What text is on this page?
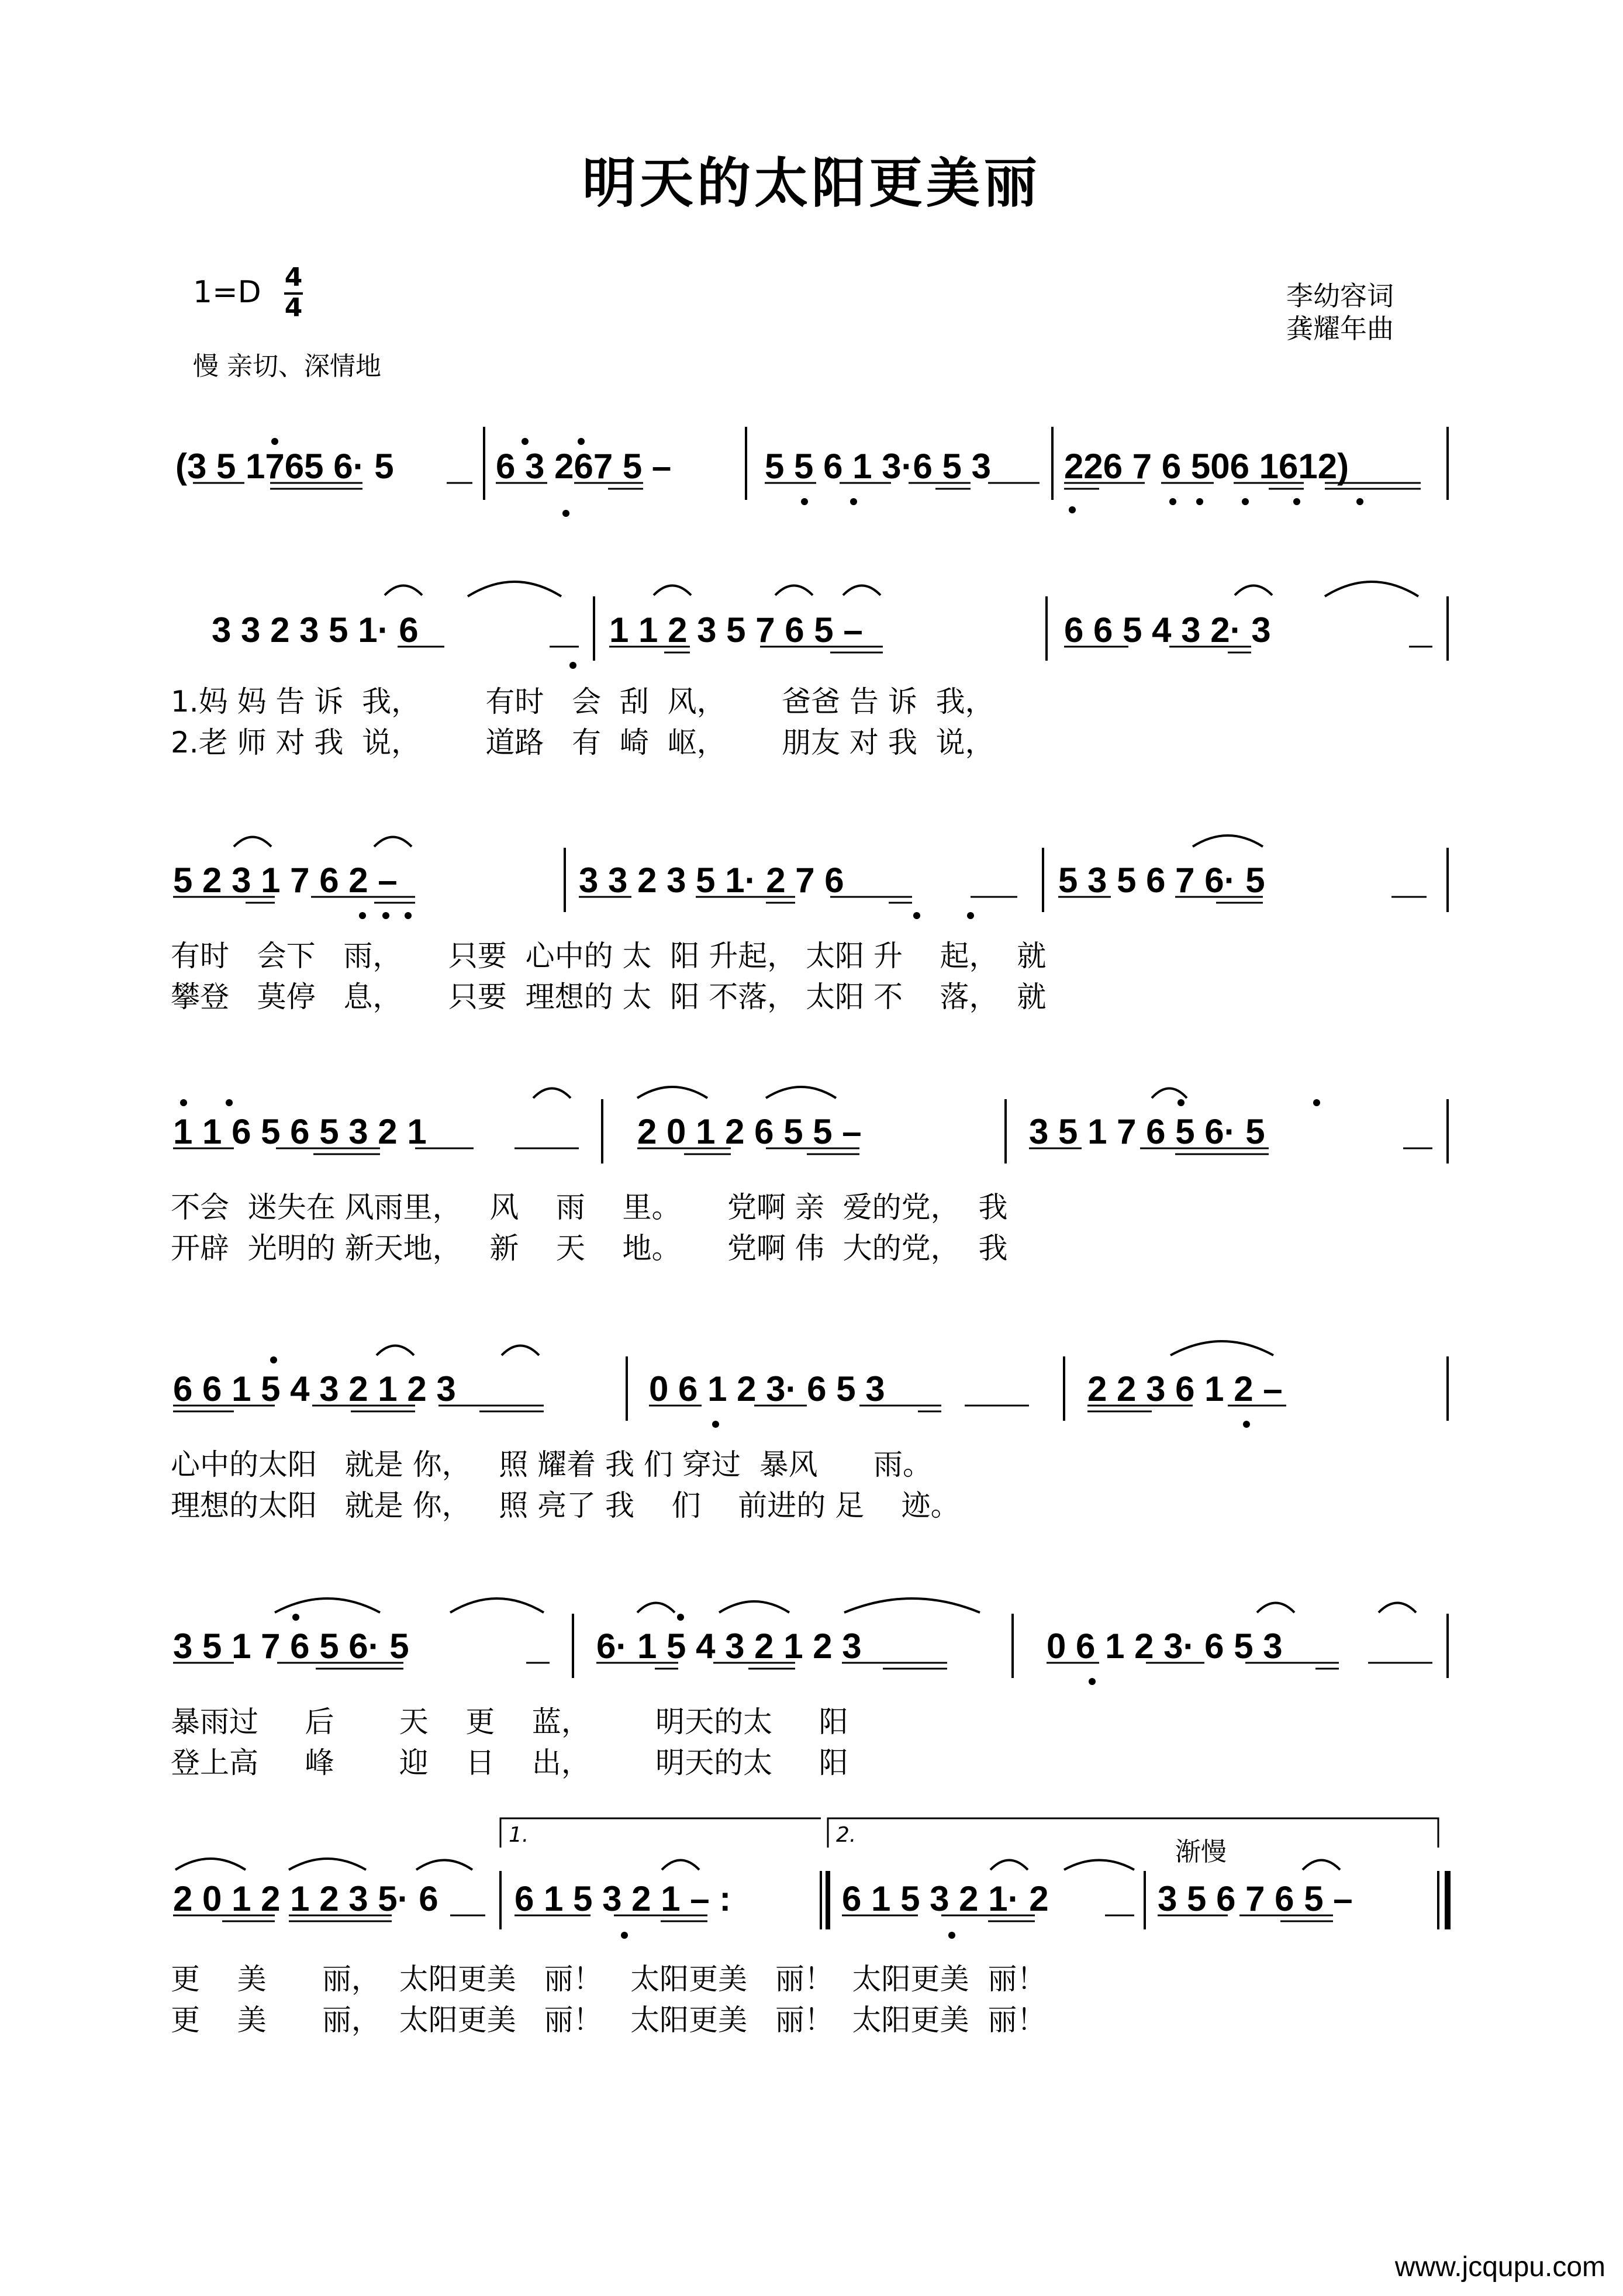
明天的太阳更美丽
1=D 4
4
慢 亲切、深情地
李幼容词
龚耀年曲
1.	2.
渐慢
(3 5 1765 6· 5	6 3 267 5 –	5 5 6 1 3·6 5 3 226 7 6 506 1612)
3 3 2 3 5 1· 6	1 1 2 3 5 7 6 5 –	6 6 5 4 3 2· 3
5 2 3 1 7 6 2 –	3 3 2 3 5 1· 2 7 6	5 3 5 6 7 6· 5
1 1 6 5 6 5 3 2 1	2 0 1 2 6 5 5 –	3 5 1 7 6 5 6· 5
6 6 1 5 4 3 2 1 2 3	0 6 1 2 3· 6 5 3	2 2 3 6 1 2 –
3 5 1 7 6 5 6· 5	6· 1 5 4 3 2 1 2 3	0 6 1 2 3· 6 5 3
2 0 1 2 1 2 3 5· 6 6 1 5 3 2 1 – :	6 1 5 3 2 1· 2	3 5 6 7 6 5 –
1.妈 妈 告 诉  我，       有时   会  刮  风，      爸爸 告 诉  我，
2.老 师 对 我  说，       道路   有  崎  岖，      朋友 对 我  说，
有时   会下   雨，     只要  心中的 太  阳 升起， 太阳 升    起，  就
攀登   莫停   息，     只要  理想的 太  阳 不落， 太阳 不    落，  就
不会  迷失在 风雨里，   风    雨    里。     党啊 亲  爱的党，  我
开辟  光明的 新天地，   新    天    地。     党啊 伟  大的党，  我
心中的太阳   就是 你，   照 耀着 我 们 穿过  暴风      雨。
理想的太阳   就是 你，   照 亮了 我    们    前进的 足    迹。
暴雨过     后       天    更    蓝，       明天的太     阳
登上高     峰       迎    日    出，       明天的太     阳
更    美      丽，  太阳更美   丽！   太阳更美   丽！  太阳更美  丽！
更    美      丽，  太阳更美   丽！   太阳更美   丽！  太阳更美  丽！
www.jcqupu.com
